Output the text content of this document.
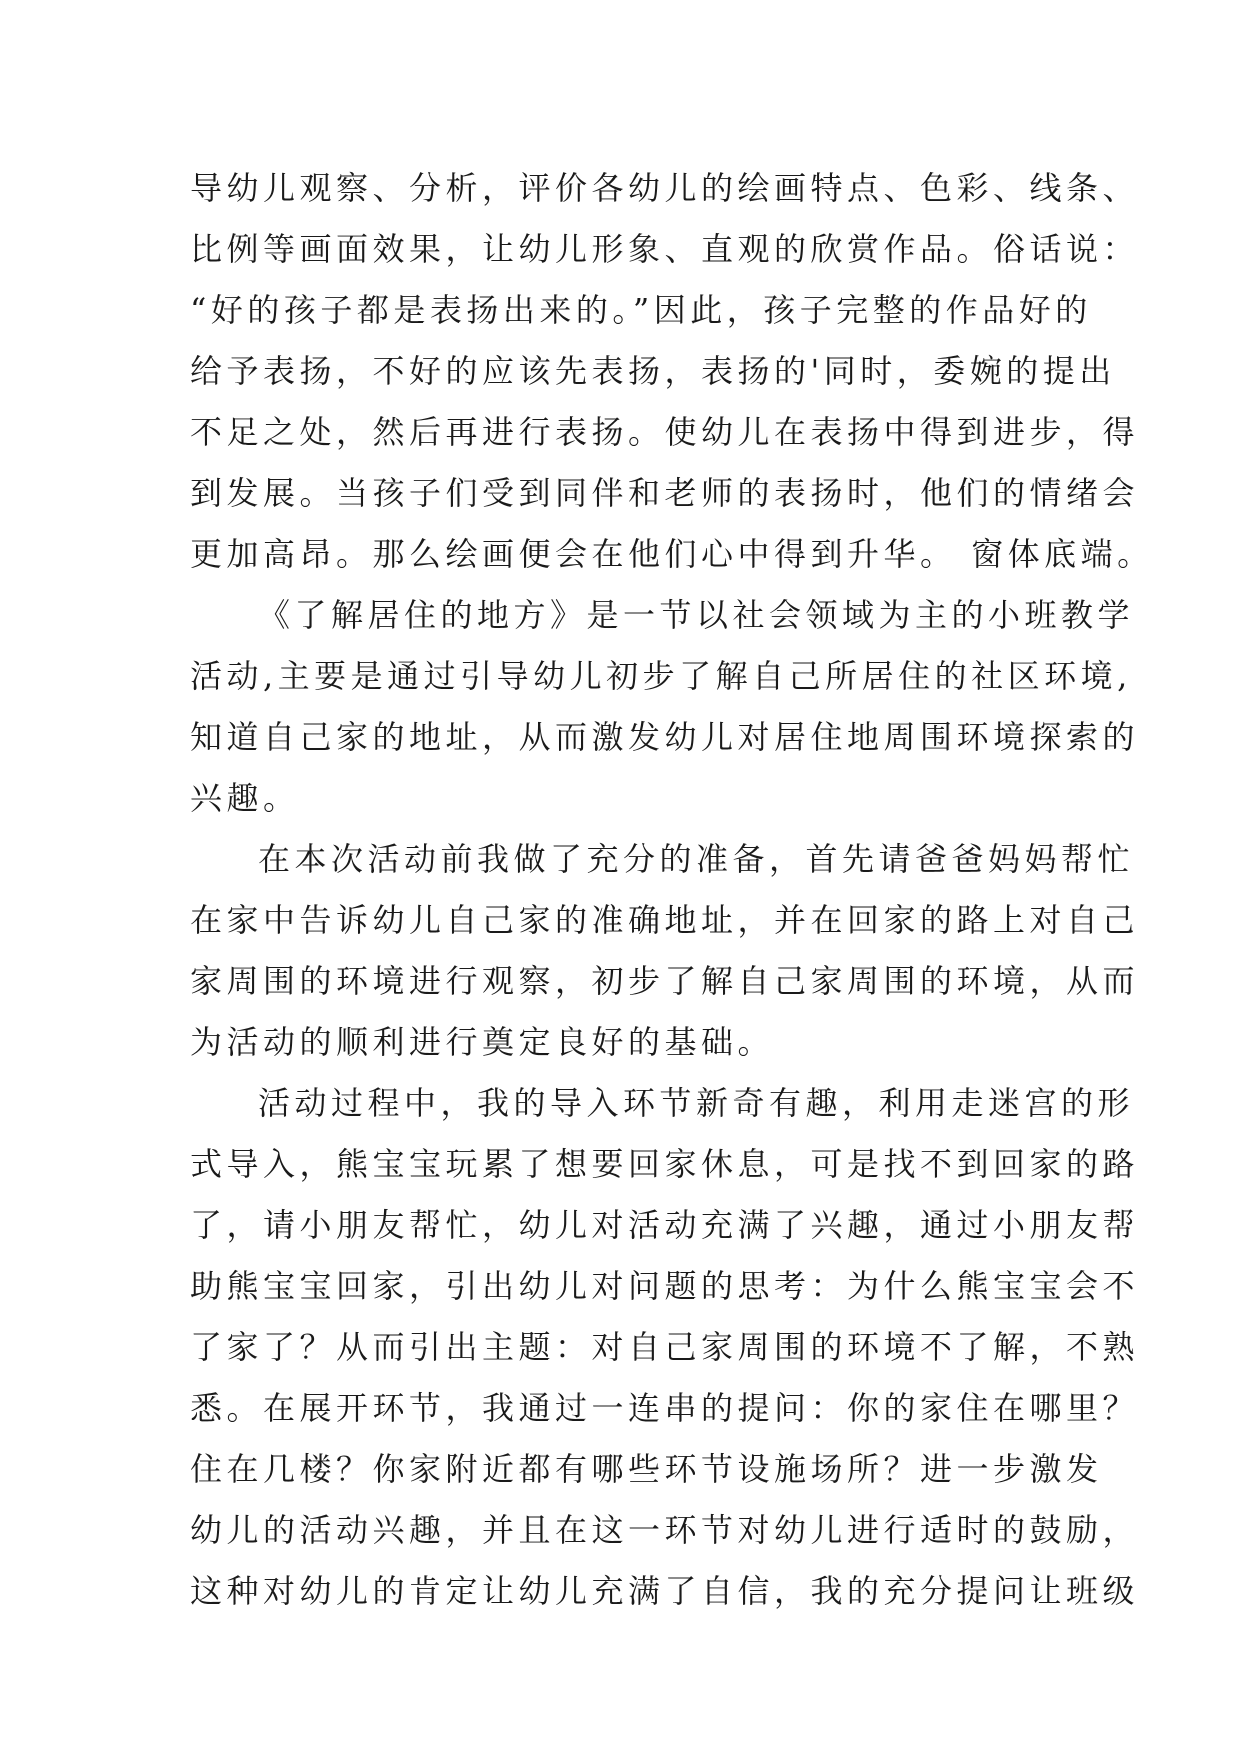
导幼儿观察、分析，评价各幼儿的绘画特点、色彩、线条、
比例等画面效果，让幼儿形象、直观的欣赏作品。俗话说：
“好的孩子都是表扬出来的。”因此，孩子完整的作品好的
给予表扬，不好的应该先表扬，表扬的'同时，委婉的提出
不足之处，然后再进行表扬。使幼儿在表扬中得到进步，得
到发展。当孩子们受到同伴和老师的表扬时，他们的情绪会
更加高昂。那么绘画便会在他们心中得到升华。 窗体底端。
《了解居住的地方》是一节以社会领域为主的小班教学
活动,主要是通过引导幼儿初步了解自己所居住的社区环境,
知道自己家的地址，从而激发幼儿对居住地周围环境探索的
兴趣。
在本次活动前我做了充分的准备，首先请爸爸妈妈帮忙
在家中告诉幼儿自己家的准确地址，并在回家的路上对自己
家周围的环境进行观察，初步了解自己家周围的环境，从而
为活动的顺利进行奠定良好的基础。
活动过程中，我的导入环节新奇有趣，利用走迷宫的形
式导入，熊宝宝玩累了想要回家休息，可是找不到回家的路
了，请小朋友帮忙，幼儿对活动充满了兴趣，通过小朋友帮
助熊宝宝回家，引出幼儿对问题的思考：为什么熊宝宝会不
了家了？从而引出主题：对自己家周围的环境不了解，不熟
悉。在展开环节，我通过一连串的提问：你的家住在哪里？
住在几楼？你家附近都有哪些环节设施场所？进一步激发
幼儿的活动兴趣，并且在这一环节对幼儿进行适时的鼓励，
这种对幼儿的肯定让幼儿充满了自信，我的充分提问让班级
